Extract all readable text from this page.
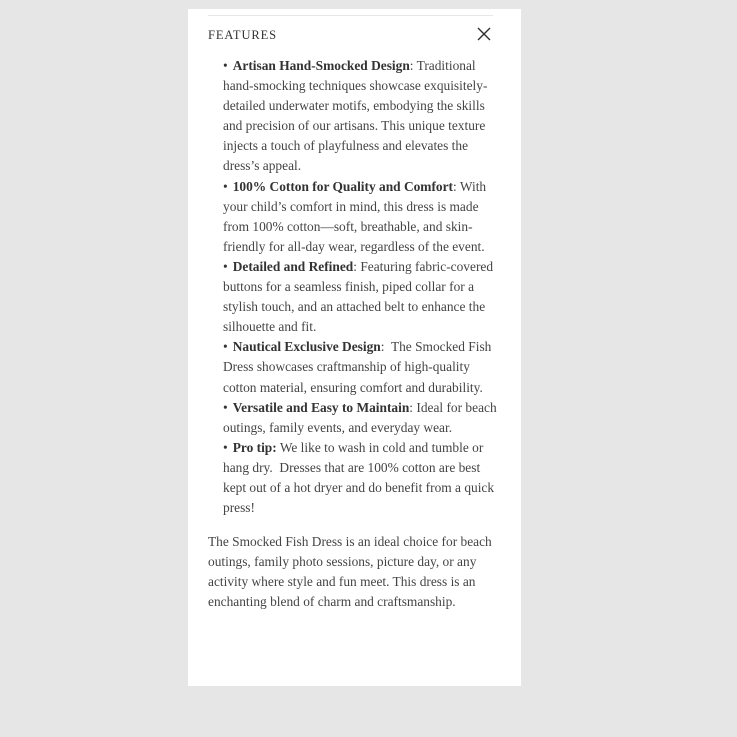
FEATURES
• Artisan Hand-Smocked Design: Traditional hand-smocking techniques showcase exquisitely-detailed underwater motifs, embodying the skills and precision of our artisans. This unique texture injects a touch of playfulness and elevates the dress’s appeal.
• 100% Cotton for Quality and Comfort: With your child’s comfort in mind, this dress is made from 100% cotton—soft, breathable, and skin-friendly for all-day wear, regardless of the event.
• Detailed and Refined: Featuring fabric-covered buttons for a seamless finish, piped collar for a stylish touch, and an attached belt to enhance the silhouette and fit.
• Nautical Exclusive Design:  The Smocked Fish Dress showcases craftmanship of high-quality cotton material, ensuring comfort and durability.
• Versatile and Easy to Maintain: Ideal for beach outings, family events, and everyday wear.
• Pro tip: We like to wash in cold and tumble or hang dry.  Dresses that are 100% cotton are best kept out of a hot dryer and do benefit from a quick press!

The Smocked Fish Dress is an ideal choice for beach outings, family photo sessions, picture day, or any activity where style and fun meet. This dress is an enchanting blend of charm and craftsmanship.
